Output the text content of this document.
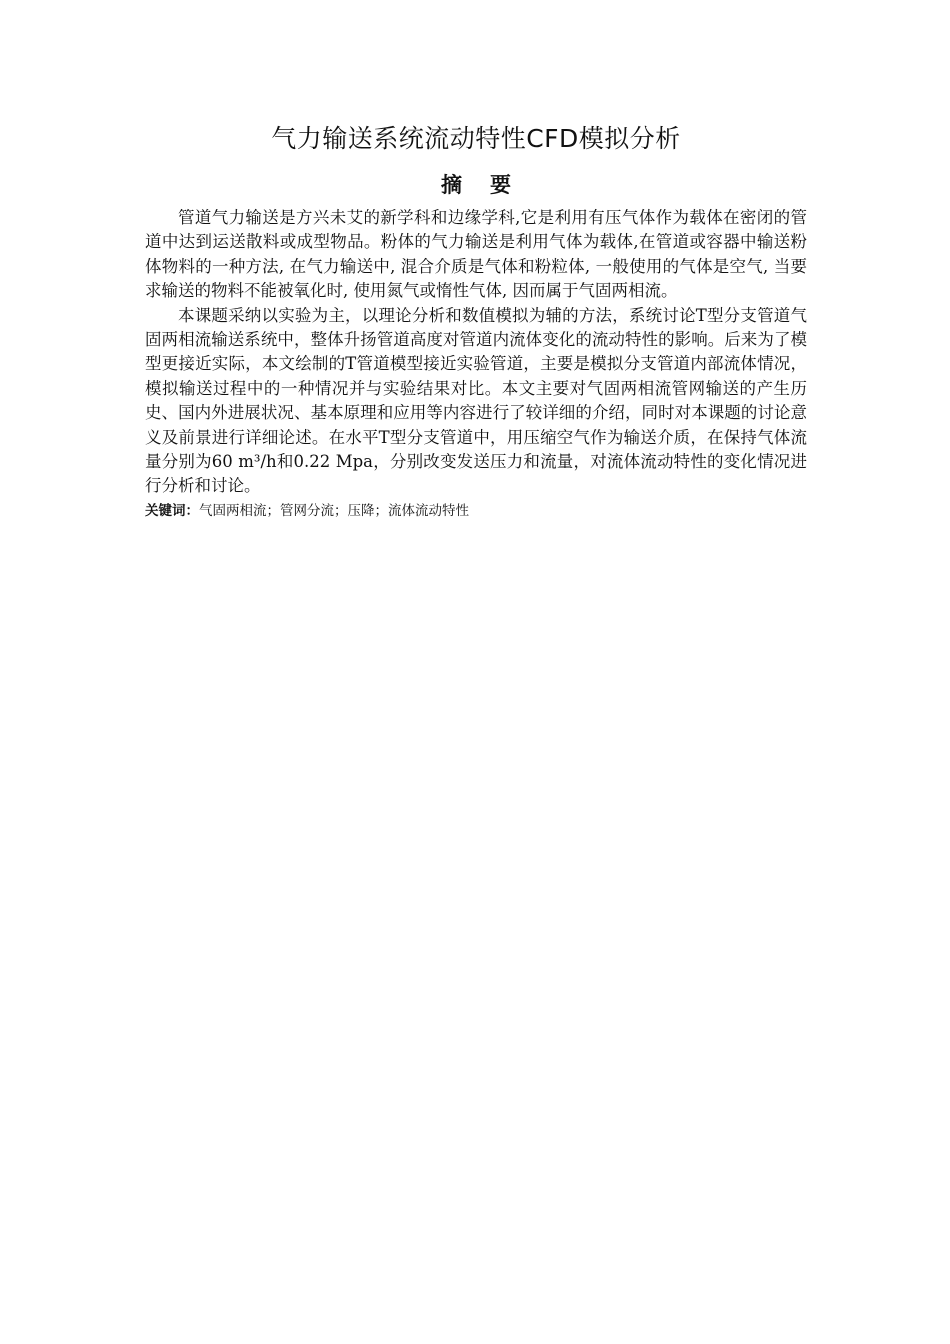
气力输送系统流动特性CFD模拟分析
摘要

管道气力输送是方兴未艾的新学科和边缘学科,它是利用有压气体作为载体在密闭的管道中达到运送散料或成型物品。粉体的气力输送是利用气体为载体,在管道或容器中输送粉体物料的一种方法, 在气力输送中, 混合介质是气体和粉粒体, 一般使用的气体是空气, 当要求输送的物料不能被氧化时, 使用氮气或惰性气体, 因而属于气固两相流。

本课题采纳以实验为主，以理论分析和数值模拟为辅的方法，系统讨论T型分支管道气固两相流输送系统中，整体升扬管道高度对管道内流体变化的流动特性的影响。后来为了模型更接近实际，本文绘制的T管道模型接近实验管道，主要是模拟分支管道内部流体情况，模拟输送过程中的一种情况并与实验结果对比。本文主要对气固两相流管网输送的产生历史、国内外进展状况、基本原理和应用等内容进行了较详细的介绍，同时对本课题的讨论意义及前景进行详细论述。在水平T型分支管道中，用压缩空气作为输送介质，在保持气体流量分别为60 m³/h和0.22 Mpa，分别改变发送压力和流量，对流体流动特性的变化情况进行分析和讨论。

关键词：气固两相流；管网分流；压降；流体流动特性
